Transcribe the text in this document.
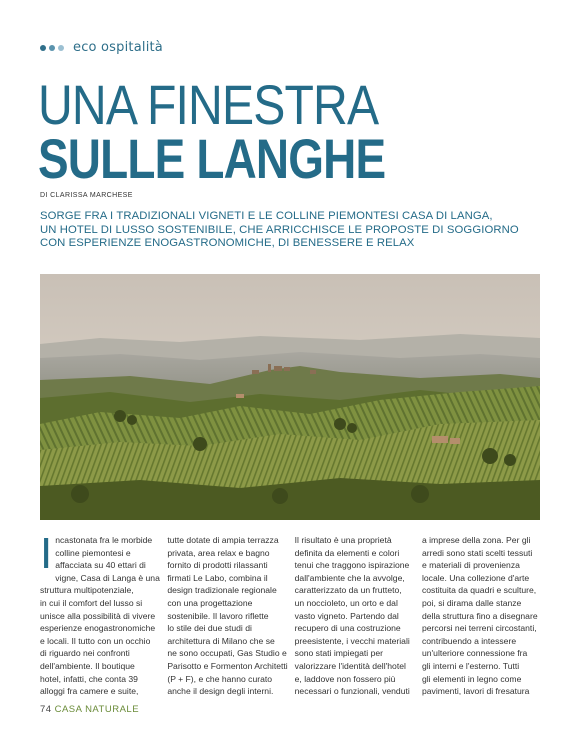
eco ospitalità
UNA FINESTRA
SULLE LANGHE
DI CLARISSA MARCHESE
SORGE FRA I TRADIZIONALI VIGNETI E LE COLLINE PIEMONTESI CASA DI LANGA,
UN HOTEL DI LUSSO SOSTENIBILE, CHE ARRICCHISCE LE PROPOSTE DI SOGGIORNO
CON ESPERIENZE ENOGASTRONOMICHE, DI BENESSERE E RELAX
I ncastonata fra le morbide
colline piemontesi e
affacciata su 40 ettari di
vigne, Casa di Langa è una
struttura multipotenziale,
in cui il comfort del lusso si
unisce alla possibilità di vivere
esperienze enogastronomiche
e locali. Il tutto con un occhio
di riguardo nei confronti
dell'ambiente. Il boutique
hotel, infatti, che conta 39
alloggi fra camere e suite,
tutte dotate di ampia terrazza
privata, area relax e bagno
fornito di prodotti rilassanti
firmati Le Labo, combina il
design tradizionale regionale
con una progettazione
sostenibile. Il lavoro riflette
lo stile dei due studi di
architettura di Milano che se
ne sono occupati, Gas Studio e
Parisotto e Formenton Architetti
(P + F), e che hanno curato
anche il design degli interni.
Il risultato è una proprietà
definita da elementi e colori
tenui che traggono ispirazione
dall'ambiente che la avvolge,
caratterizzato da un frutteto,
un noccioleto, un orto e dal
vasto vigneto. Partendo dal
recupero di una costruzione
preesistente, i vecchi materiali
sono stati impiegati per
valorizzare l'identità dell'hotel
e, laddove non fossero più
necessari o funzionali, venduti
a imprese della zona. Per gli
arredi sono stati scelti tessuti
e materiali di provenienza
locale. Una collezione d'arte
costituita da quadri e sculture,
poi, si dirama dalle stanze
della struttura fino a disegnare
percorsi nei terreni circostanti,
contribuendo a intessere
un'ulteriore connessione fra
gli interni e l'esterno. Tutti
gli elementi in legno come
pavimenti, lavori di fresatura
74 CASA NATURALE
